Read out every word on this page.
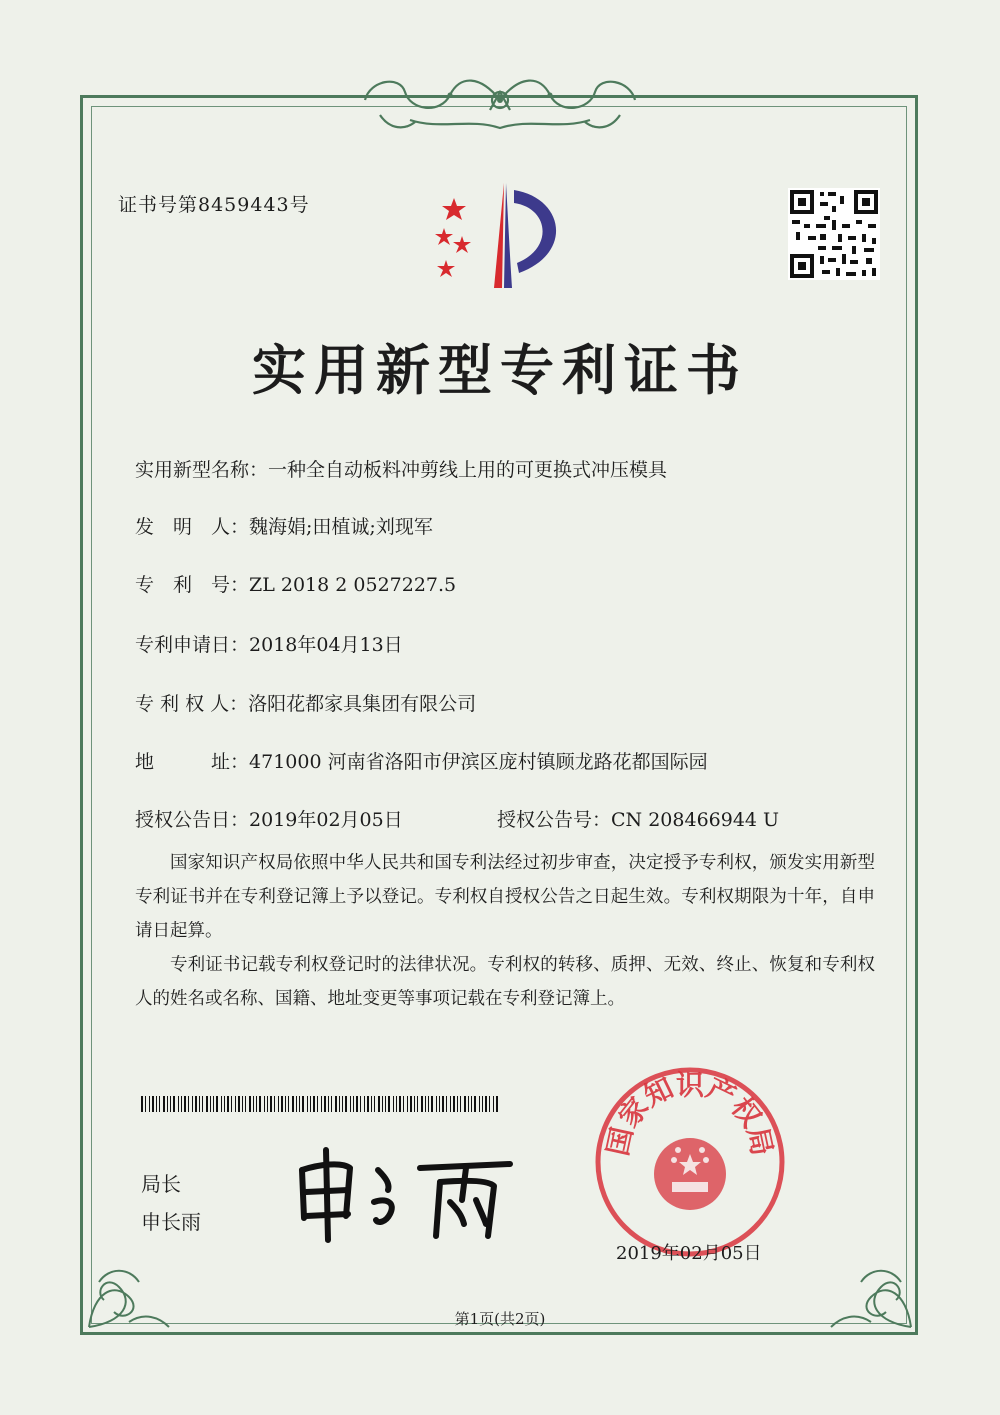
证书号第8459443号
实用新型专利证书
实用新型名称：一种全自动板料冲剪线上用的可更换式冲压模具
发　明　人：魏海娟;田植诚;刘现军
专　利　号：ZL 2018 2 0527227.5
专利申请日：2018年04月13日
专 利 权 人：洛阳花都家具集团有限公司
地　　　址：471000 河南省洛阳市伊滨区庞村镇顾龙路花都国际园
授权公告日：2019年02月05日	授权公告号：CN 208466944 U

国家知识产权局依照中华人民共和国专利法经过初步审查，决定授予专利权，颁发实用新型专利证书并在专利登记簿上予以登记。专利权自授权公告之日起生效。专利权期限为十年，自申请日起算。

专利证书记载专利权登记时的法律状况。专利权的转移、质押、无效、终止、恢复和专利权人的姓名或名称、国籍、地址变更等事项记载在专利登记簿上。

局长
申长雨
国家知识产权局
2019年02月05日
第1页(共2页)
